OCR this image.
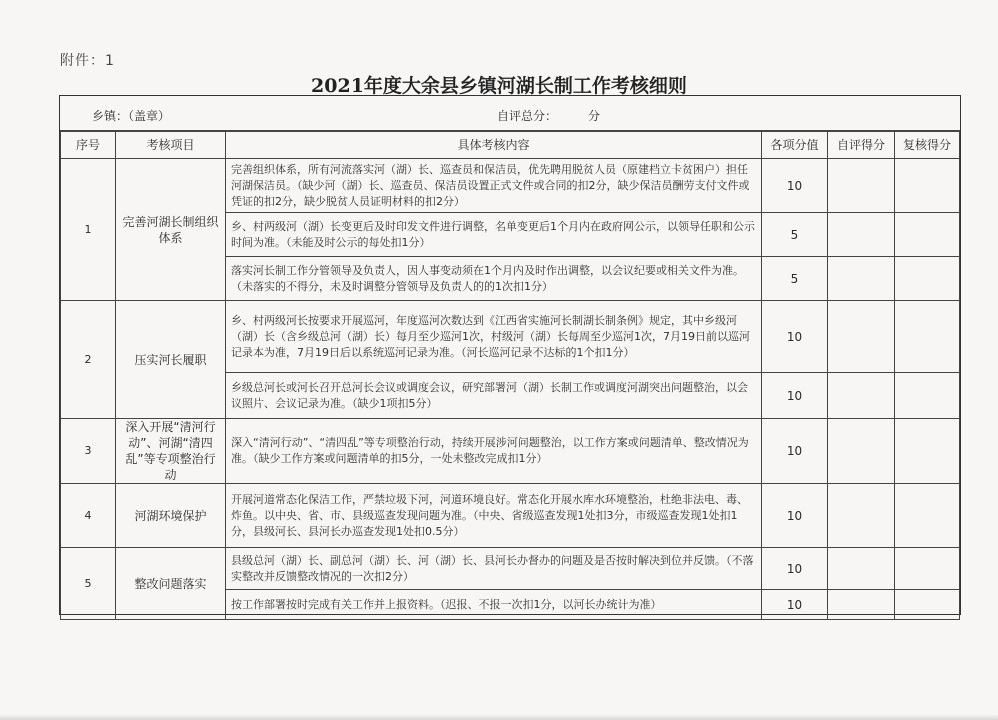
附件：1
2021年度大余县乡镇河湖长制工作考核细则
乡镇：（盖章）	自评总分：	分
序号	考核项目	具体考核内容	各项分值	自评得分	复核得分
1	完善河湖长制组织体系	完善组织体系，所有河流落实河（湖）长、巡查员和保洁员，优先聘用脱贫人员（原建档立卡贫困户）担任河湖保洁员。（缺少河（湖）长、巡查员、保洁员设置正式文件或合同的扣2分，缺少保洁员酬劳支付文件或凭证的扣2分，缺少脱贫人员证明材料的扣2分）	10		
		乡、村两级河（湖）长变更后及时印发文件进行调整，名单变更后1个月内在政府网公示，以领导任职和公示时间为准。（未能及时公示的每处扣1分）	5		
		落实河长制工作分管领导及负责人，因人事变动须在1个月内及时作出调整，以会议纪要或相关文件为准。（未落实的不得分，未及时调整分管领导及负责人的的1次扣1分）	5		
2	压实河长履职	乡、村两级河长按要求开展巡河，年度巡河次数达到《江西省实施河长制湖长制条例》规定，其中乡级河（湖）长（含乡级总河（湖）长）每月至少巡河1次，村级河（湖）长每周至少巡河1次，7月19日前以巡河记录本为准，7月19日后以系统巡河记录为准。（河长巡河记录不达标的1个扣1分）	10		
		乡级总河长或河长召开总河长会议或调度会议，研究部署河（湖）长制工作或调度河湖突出问题整治，以会议照片、会议记录为准。（缺少1项扣5分）	10		
3	深入开展“清河行动”、河湖“清四乱”等专项整治行动	深入“清河行动”、“清四乱”等专项整治行动，持续开展涉河问题整治，以工作方案或问题清单、整改情况为准。（缺少工作方案或问题清单的扣5分，一处未整改完成扣1分）	10		
4	河湖环境保护	开展河道常态化保洁工作，严禁垃圾下河，河道环境良好。常态化开展水库水环境整治，杜绝非法电、毒、炸鱼。以中央、省、市、县级巡查发现问题为准。（中央、省级巡查发现1处扣3分，市级巡查发现1处扣1分，县级河长、县河长办巡查发现1处扣0.5分）	10		
5	整改问题落实	县级总河（湖）长、副总河（湖）长、河（湖）长、县河长办督办的问题及是否按时解决到位并反馈。（不落实整改并反馈整改情况的一次扣2分）	10		
		按工作部署按时完成有关工作并上报资料。（迟报、不报一次扣1分，以河长办统计为准）	10		
